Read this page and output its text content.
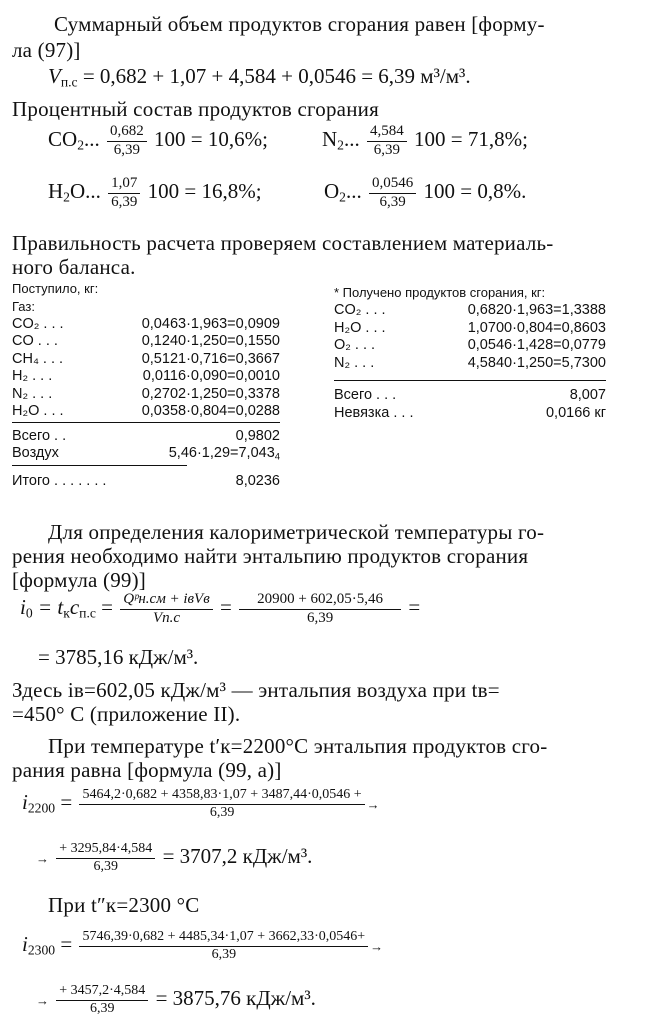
Суммарный объем продуктов сгорания равен [форму-
ла (97)]
$V_{п.с} = 0,682 + 1,07 + 4,584 + 0,0546 = 6,39$ м³/м³.
Процентный состав продуктов сгорания
$CO_2$... $\frac{0,682}{6,39} 100 = 10,6\%$;	$N_2$... $\frac{4,584}{6,39} 100 = 71,8\%$;
$H_2O$... $\frac{1,07}{6,39} 100 = 16,8\%$;	$O_2$... $\frac{0,0546}{6,39} 100 = 0,8\%$.
Правильность расчета проверяем составлением материаль-
ного баланса.
Поступило, кг:
Газ:
CO₂ . . .	0,0463·1,963=0,0909
CO . . .	0,1240·1,250=0,1550
CH₄ . . .	0,5121·0,716=0,3667
H₂ . . .	0,0116·0,090=0,0010
N₂ . . .	0,2702·1,250=0,3378
H₂O . . .	0,0358·0,804=0,0288
Всего . .	0,9802
Воздух	$5,46\cdot 1,29=7,043_4$
Итого . . . . . . .	8,0236
* Получено продуктов сгорания, кг:
CO₂ . . .	0,6820·1,963=1,3388
H₂O . . .	1,0700·0,804=0,8603
O₂ . . .	0,0546·1,428=0,0779
N₂ . . .	4,5840·1,250=5,7300
Всего . . .	8,007
Невязка . . .	0,0166 кг
Для определения калориметрической температуры го-
рения необходимо найти энтальпию продуктов сгорания
[формула (99)]
$i_0 = t_кc_{п.с} = \frac{\text{Qᵖн.см + iвVв}}{Vп.с} = \frac{20900 + 602,05\cdot 5,46}{6,39}$ =
= 3785,16 кДж/м³.
Здесь iв=602,05 кДж/м³ — энтальпия воздуха при tв=
=450° С (приложение II).
При температуре t′к=2200°С энтальпия продуктов сго-
рания равна [формула (99, а)]
$i_{2200} = \frac{5464,2\cdot 0,682 + 4358,83\cdot 1,07 + 3487,44\cdot 0,0546 +}{6,39}$ →
→ $\frac{+ 3295,84\cdot 4,584}{6,39} = 3707,2$ кДж/м³.
При t″к=2300 °С
$i_{2300} = \frac{5746,39\cdot 0,682 + 4485,34\cdot 1,07 + 3662,33\cdot 0,0546+}{6,39}$ →
→ $\frac{+ 3457,2\cdot 4,584}{6,39} = 3875,76$ кДж/м³.
